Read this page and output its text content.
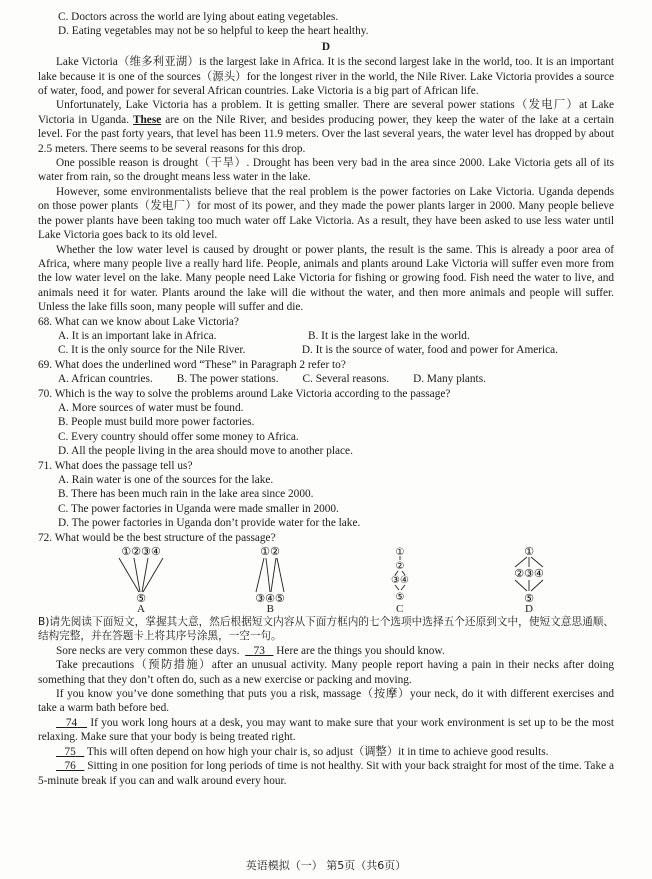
C. Doctors across the world are lying about eating vegetables.

D. Eating vegetables may not be so helpful to keep the heart healthy.

D

Lake Victoria（维多利亚湖）is the largest lake in Africa. It is the second largest lake in the world, too. It is an important lake because it is one of the sources（源头）for the longest river in the world, the Nile River. Lake Victoria provides a source of water, food, and power for several African countries. Lake Victoria is a big part of African life.

Unfortunately, Lake Victoria has a problem. It is getting smaller. There are several power stations（发电厂）at Lake Victoria in Uganda. These are on the Nile River, and besides producing power, they keep the water of the lake at a certain level. For the past forty years, that level has been 11.9 meters. Over the last several years, the water level has dropped by about 2.5 meters. There seems to be several reasons for this drop.

One possible reason is drought（干旱）. Drought has been very bad in the area since 2000. Lake Victoria gets all of its water from rain, so the drought means less water in the lake.

However, some environmentalists believe that the real problem is the power factories on Lake Victoria. Uganda depends on those power plants（发电厂）for most of its power, and they made the power plants larger in 2000. Many people believe the power plants have been taking too much water off Lake Victoria. As a result, they have been asked to use less water until Lake Victoria goes back to its old level.

Whether the low water level is caused by drought or power plants, the result is the same. This is already a poor area of Africa, where many people live a really hard life. People, animals and plants around Lake Victoria will suffer even more from the low water level on the lake. Many people need Lake Victoria for fishing or growing food. Fish need the water to live, and animals need it for water. Plants around the lake will die without the water, and then more animals and people will suffer. Unless the lake fills soon, many people will suffer and die.

68. What can we know about Lake Victoria?

A. It is an important lake in Africa.	B. It is the largest lake in the world.
C. It is the only source for the Nile River.	D. It is the source of water, food and power for America.

69. What does the underlined word “These” in Paragraph 2 refer to?

A. African countries. B. The power stations. C. Several reasons. D. Many plants.

70. Which is the way to solve the problems around Lake Victoria according to the passage?

A. More sources of water must be found.

B. People must build more power factories.

C. Every country should offer some money to Africa.

D. All the people living in the area should move to another place.

71. What does the passage tell us?

A. Rain water is one of the sources for the lake.

B. There has been much rain in the lake area since 2000.

C. The power factories in Uganda were made smaller in 2000.

D. The power factories in Uganda don’t provide water for the lake.

72. What would be the best structure of the passage?

①②③④
⑤
A
①②
③④⑤
B
①
②
③④
⑤
C
①
②③④
⑤
D

B)请先阅读下面短文，掌握其大意，然后根据短文内容从下面方框内的七个选项中选择五个还原到文中，使短文意思通顺、结构完整，并在答题卡上将其序号涂黑，一空一句。

Sore necks are very common these days. 73 Here are the things you should know.

Take precautions（预防措施）after an unusual activity. Many people report having a pain in their necks after doing something that they don’t often do, such as a new exercise or packing and moving.

If you know you’ve done something that puts you a risk, massage（按摩）your neck, do it with different exercises and take a warm bath before bed.

74 If you work long hours at a desk, you may want to make sure that your work environment is set up to be the most relaxing. Make sure that your body is being treated right.

75 This will often depend on how high your chair is, so adjust（调整）it in time to achieve good results.

76 Sitting in one position for long periods of time is not healthy. Sit with your back straight for most of the time. Take a 5-minute break if you can and walk around every hour.

英语模拟（一） 第5页（共6页）
